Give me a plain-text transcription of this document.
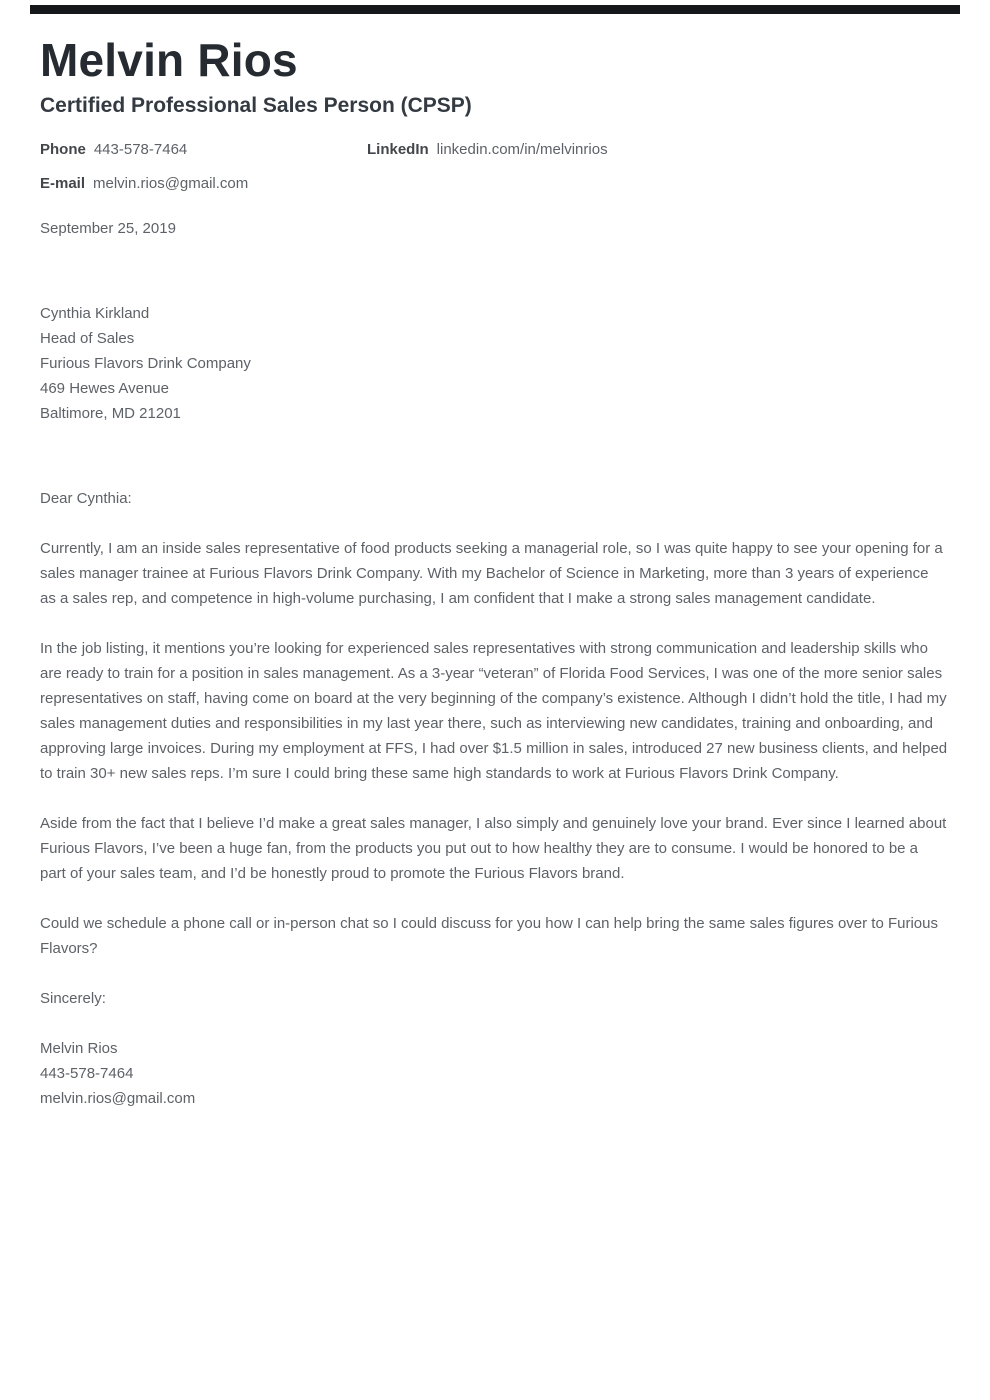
Melvin Rios
Certified Professional Sales Person (CPSP)
Phone 443-578-7464	LinkedIn linkedin.com/in/melvinrios
E-mail melvin.rios@gmail.com
September 25, 2019
Cynthia Kirkland
Head of Sales
Furious Flavors Drink Company
469 Hewes Avenue
Baltimore, MD 21201
Dear Cynthia:

Currently, I am an inside sales representative of food products seeking a managerial role, so I was quite happy to see your opening for a sales manager trainee at Furious Flavors Drink Company. With my Bachelor of Science in Marketing, more than 3 years of experience as a sales rep, and competence in high-volume purchasing, I am confident that I make a strong sales management candidate.

In the job listing, it mentions you’re looking for experienced sales representatives with strong communication and leadership skills who are ready to train for a position in sales management. As a 3-year “veteran” of Florida Food Services, I was one of the more senior sales representatives on staff, having come on board at the very beginning of the company’s existence. Although I didn’t hold the title, I had my sales management duties and responsibilities in my last year there, such as interviewing new candidates, training and onboarding, and approving large invoices. During my employment at FFS, I had over $1.5 million in sales, introduced 27 new business clients, and helped to train 30+ new sales reps. I’m sure I could bring these same high standards to work at Furious Flavors Drink Company.

Aside from the fact that I believe I’d make a great sales manager, I also simply and genuinely love your brand. Ever since I learned about Furious Flavors, I’ve been a huge fan, from the products you put out to how healthy they are to consume. I would be honored to be a part of your sales team, and I’d be honestly proud to promote the Furious Flavors brand.

Could we schedule a phone call or in-person chat so I could discuss for you how I can help bring the same sales figures over to Furious Flavors?

Sincerely:
Melvin Rios
443-578-7464
melvin.rios@gmail.com
